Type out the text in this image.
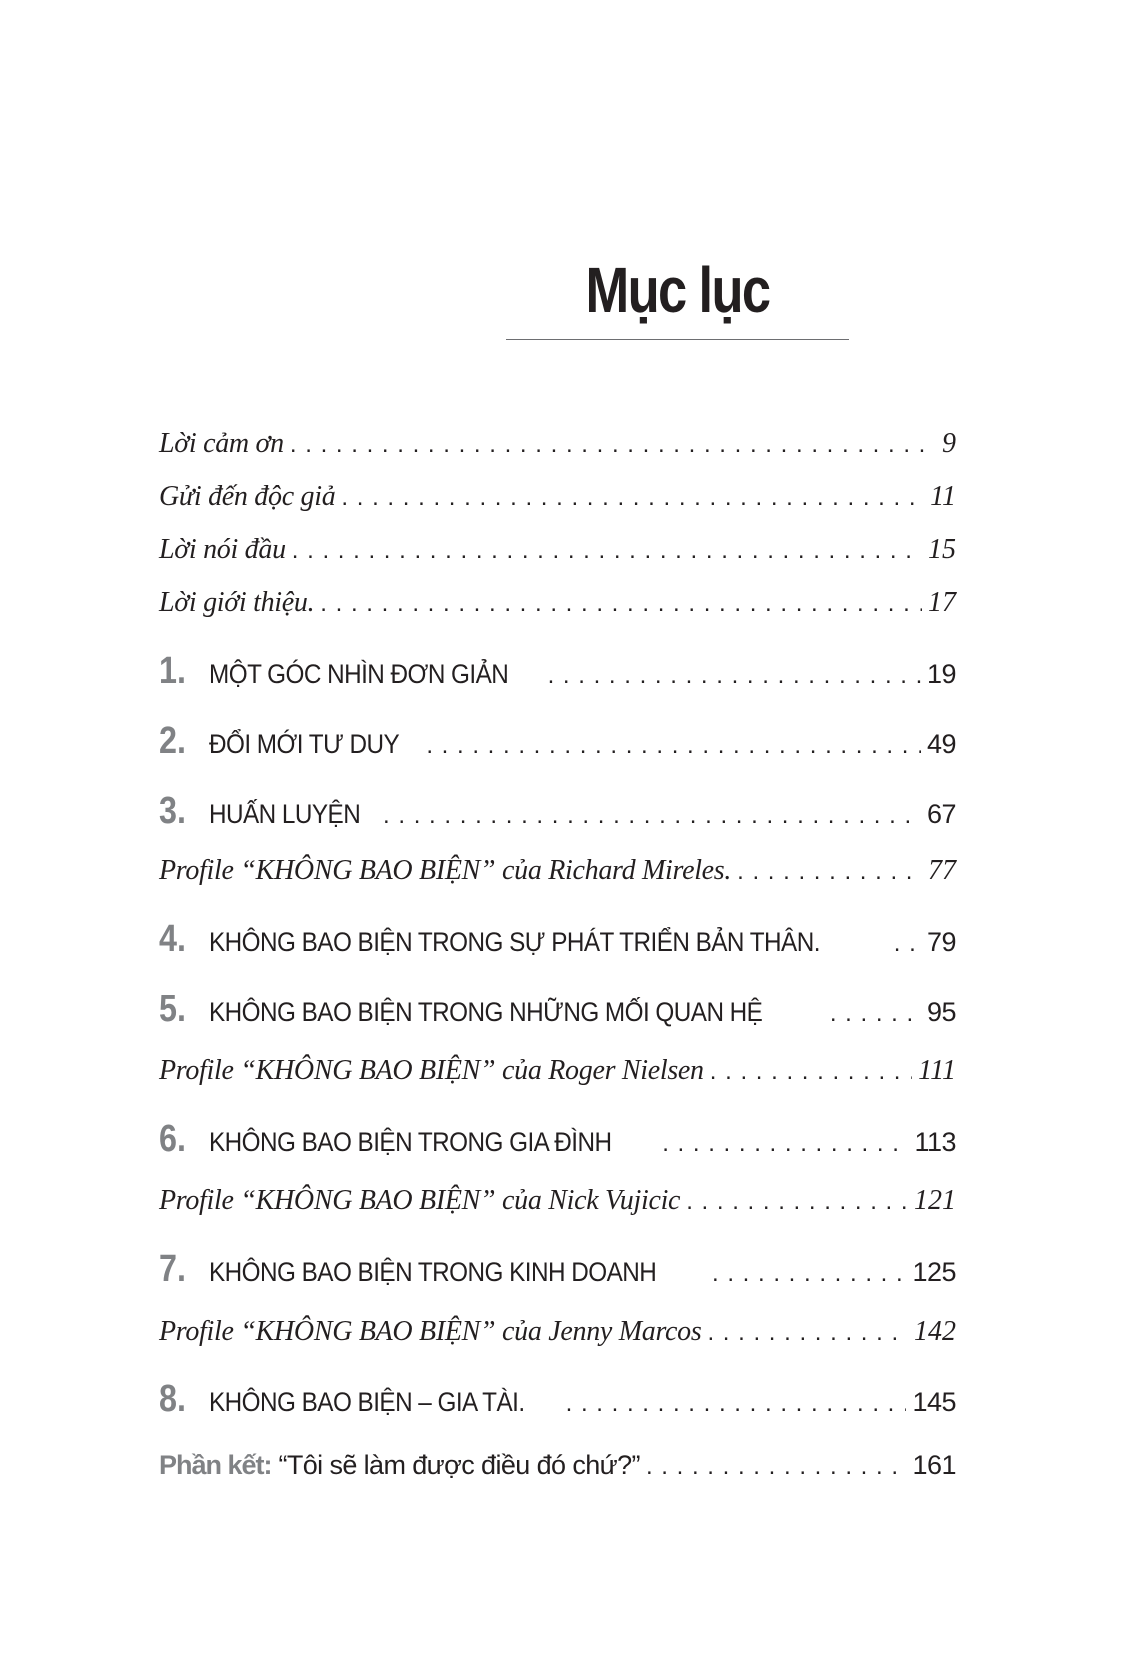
Mục lục
Lời cảm ơn . . .	9
Gửi đến độc giả . . .	11
Lời nói đầu . . .	15
Lời giới thiệu. . . .	17
1. MỘT GÓC NHÌN ĐƠN GIẢN . . .	19
2. ĐỔI MỚI TƯ DUY . . .	49
3. HUẤN LUYỆN . . .	67
Profile “KHÔNG BAO BIỆN” của Richard Mireles. . . .	77
4. KHÔNG BAO BIỆN TRONG SỰ PHÁT TRIỂN BẢN THÂN. . . .	79
5. KHÔNG BAO BIỆN TRONG NHỮNG MỐI QUAN HỆ . . .	95
Profile “KHÔNG BAO BIỆN” của Roger Nielsen . . .	111
6. KHÔNG BAO BIỆN TRONG GIA ĐÌNH . . .	113
Profile “KHÔNG BAO BIỆN” của Nick Vujicic . . .	121
7. KHÔNG BAO BIỆN TRONG KINH DOANH . . .	125
Profile “KHÔNG BAO BIỆN” của Jenny Marcos . . .	142
8. KHÔNG BAO BIỆN – GIA TÀI. . . .	145
Phần kết: “Tôi sẽ làm được điều đó chứ?” . . .	161
